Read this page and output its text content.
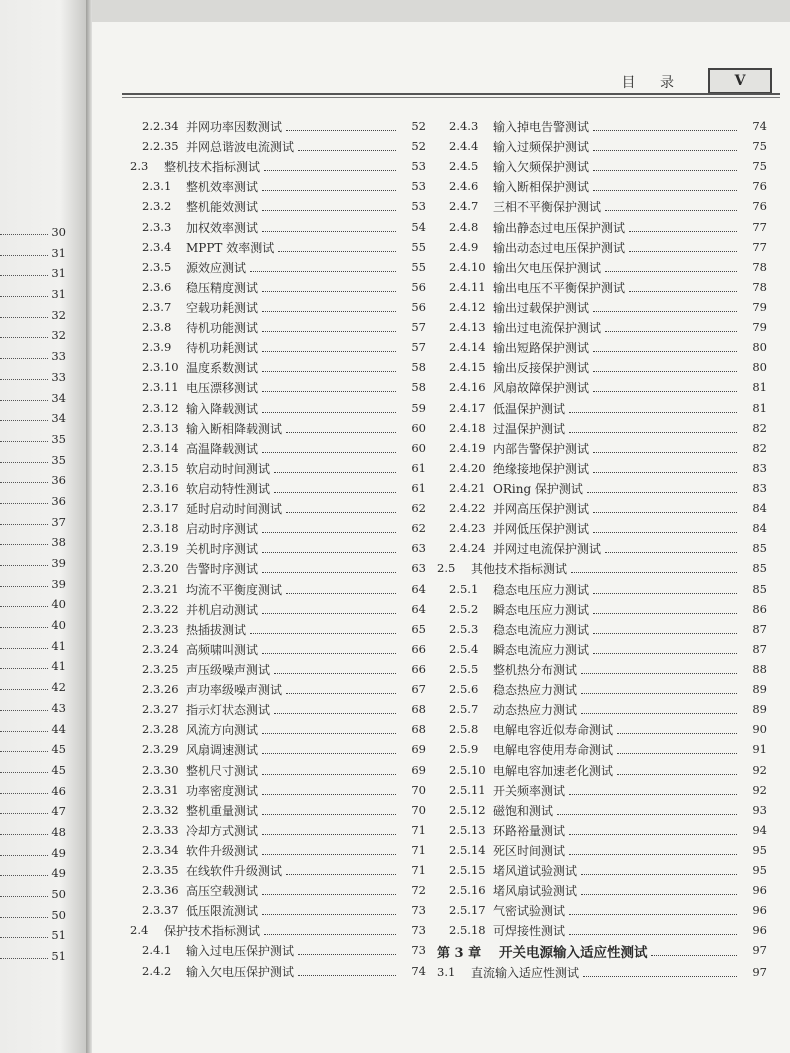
30
31
31
31
32
32
33
33
34
34
35
35
36
36
37
38
39
39
40
40
41
41
42
43
44
45
45
46
47
48
49
49
50
50
51
51
目 录	V
2.2.34 并网功率因数测试	52
2.2.35 并网总谐波电流测试	52
2.3 整机技术指标测试	53
2.3.1 整机效率测试	53
2.3.2 整机能效测试	53
2.3.3 加权效率测试	54
2.3.4 MPPT 效率测试	55
2.3.5 源效应测试	55
2.3.6 稳压精度测试	56
2.3.7 空载功耗测试	56
2.3.8 待机功能测试	57
2.3.9 待机功耗测试	57
2.3.10 温度系数测试	58
2.3.11 电压漂移测试	58
2.3.12 输入降载测试	59
2.3.13 输入断相降载测试	60
2.3.14 高温降载测试	60
2.3.15 软启动时间测试	61
2.3.16 软启动特性测试	61
2.3.17 延时启动时间测试	62
2.3.18 启动时序测试	62
2.3.19 关机时序测试	63
2.3.20 告警时序测试	63
2.3.21 均流不平衡度测试	64
2.3.22 并机启动测试	64
2.3.23 热插拔测试	65
2.3.24 高频啸叫测试	66
2.3.25 声压级噪声测试	66
2.3.26 声功率级噪声测试	67
2.3.27 指示灯状态测试	68
2.3.28 风流方向测试	68
2.3.29 风扇调速测试	69
2.3.30 整机尺寸测试	69
2.3.31 功率密度测试	70
2.3.32 整机重量测试	70
2.3.33 冷却方式测试	71
2.3.34 软件升级测试	71
2.3.35 在线软件升级测试	71
2.3.36 高压空载测试	72
2.3.37 低压限流测试	73
2.4 保护技术指标测试	73
2.4.1 输入过电压保护测试	73
2.4.2 输入欠电压保护测试	74
2.4.3 输入掉电告警测试	74
2.4.4 输入过频保护测试	75
2.4.5 输入欠频保护测试	75
2.4.6 输入断相保护测试	76
2.4.7 三相不平衡保护测试	76
2.4.8 输出静态过电压保护测试	77
2.4.9 输出动态过电压保护测试	77
2.4.10 输出欠电压保护测试	78
2.4.11 输出电压不平衡保护测试	78
2.4.12 输出过载保护测试	79
2.4.13 输出过电流保护测试	79
2.4.14 输出短路保护测试	80
2.4.15 输出反接保护测试	80
2.4.16 风扇故障保护测试	81
2.4.17 低温保护测试	81
2.4.18 过温保护测试	82
2.4.19 内部告警保护测试	82
2.4.20 绝缘接地保护测试	83
2.4.21 ORing 保护测试	83
2.4.22 并网高压保护测试	84
2.4.23 并网低压保护测试	84
2.4.24 并网过电流保护测试	85
2.5 其他技术指标测试	85
2.5.1 稳态电压应力测试	85
2.5.2 瞬态电压应力测试	86
2.5.3 稳态电流应力测试	87
2.5.4 瞬态电流应力测试	87
2.5.5 整机热分布测试	88
2.5.6 稳态热应力测试	89
2.5.7 动态热应力测试	89
2.5.8 电解电容近似寿命测试	90
2.5.9 电解电容使用寿命测试	91
2.5.10 电解电容加速老化测试	92
2.5.11 开关频率测试	92
2.5.12 磁饱和测试	93
2.5.13 环路裕量测试	94
2.5.14 死区时间测试	95
2.5.15 堵风道试验测试	95
2.5.16 堵风扇试验测试	96
2.5.17 气密试验测试	96
2.5.18 可焊接性测试	96
第 3 章 开关电源输入适应性测试	97
3.1 直流输入适应性测试	97
